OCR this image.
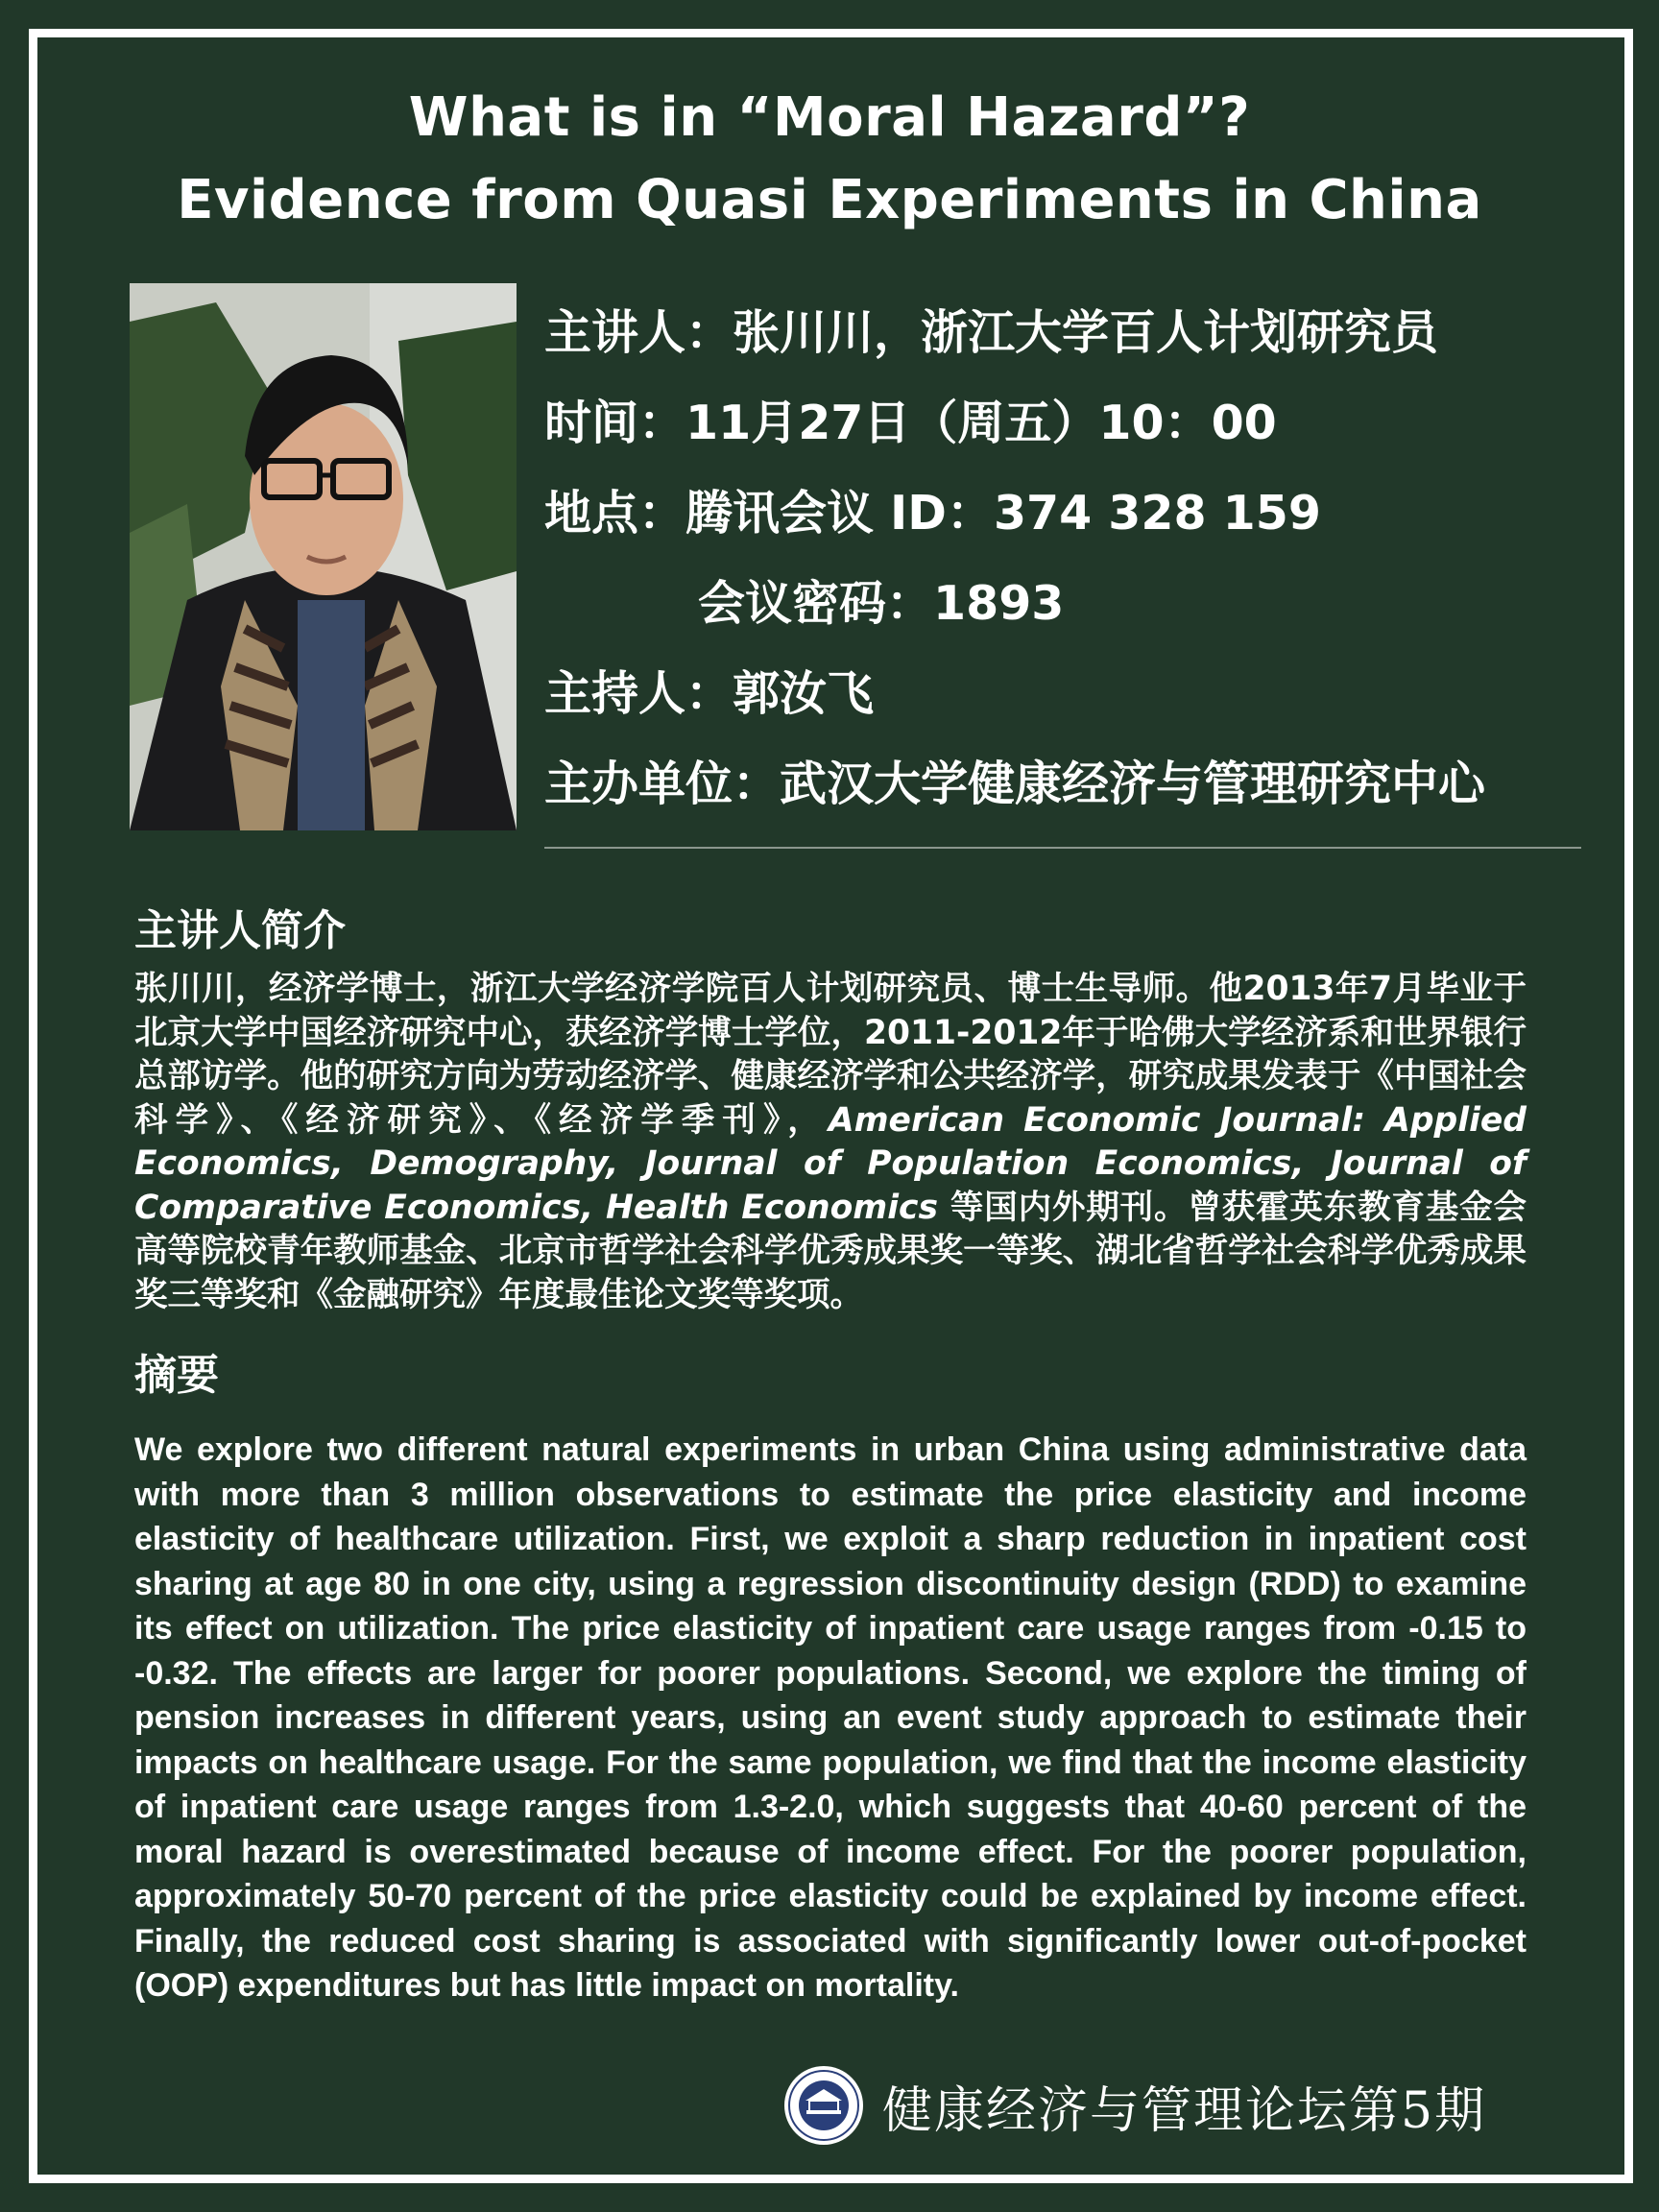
What is in “Moral Hazard”?
Evidence from Quasi Experiments in China
主讲人：张川川，浙江大学百人计划研究员
时间：11月27日（周五）10：00
地点：腾讯会议 ID：374 328 159
会议密码：1893
主持人：郭汝飞
主办单位：武汉大学健康经济与管理研究中心
主讲人简介
张川川，经济学博士，浙江大学经济学院百人计划研究员、博士生导师。他2013年7月毕业于北京大学中国经济研究中心，获经济学博士学位，2011-2012年于哈佛大学经济系和世界银行总部访学。他的研究方向为劳动经济学、健康经济学和公共经济学，研究成果发表于《中国社会科学》、《经济研究》、《经济学季刊》，American Economic Journal: Applied Economics, Demography, Journal of Population Economics, Journal of Comparative Economics, Health Economics 等国内外期刊。曾获霍英东教育基金会高等院校青年教师基金、北京市哲学社会科学优秀成果奖一等奖、湖北省哲学社会科学优秀成果奖三等奖和《金融研究》年度最佳论文奖等奖项。
摘要
We explore two different natural experiments in urban China using administrative data with more than 3 million observations to estimate the price elasticity and income elasticity of healthcare utilization. First, we exploit a sharp reduction in inpatient cost sharing at age 80 in one city, using a regression discontinuity design (RDD) to examine its effect on utilization. The price elasticity of inpatient care usage ranges from -0.15 to -0.32. The effects are larger for poorer populations. Second, we explore the timing of pension increases in different years, using an event study approach to estimate their impacts on healthcare usage. For the same population, we find that the income elasticity of inpatient care usage ranges from 1.3-2.0, which suggests that 40-60 percent of the moral hazard is overestimated because of income effect. For the poorer population, approximately 50-70 percent of the price elasticity could be explained by income effect. Finally, the reduced cost sharing is associated with significantly lower out-of-pocket (OOP) expenditures but has little impact on mortality.
健康经济与管理论坛第5期
